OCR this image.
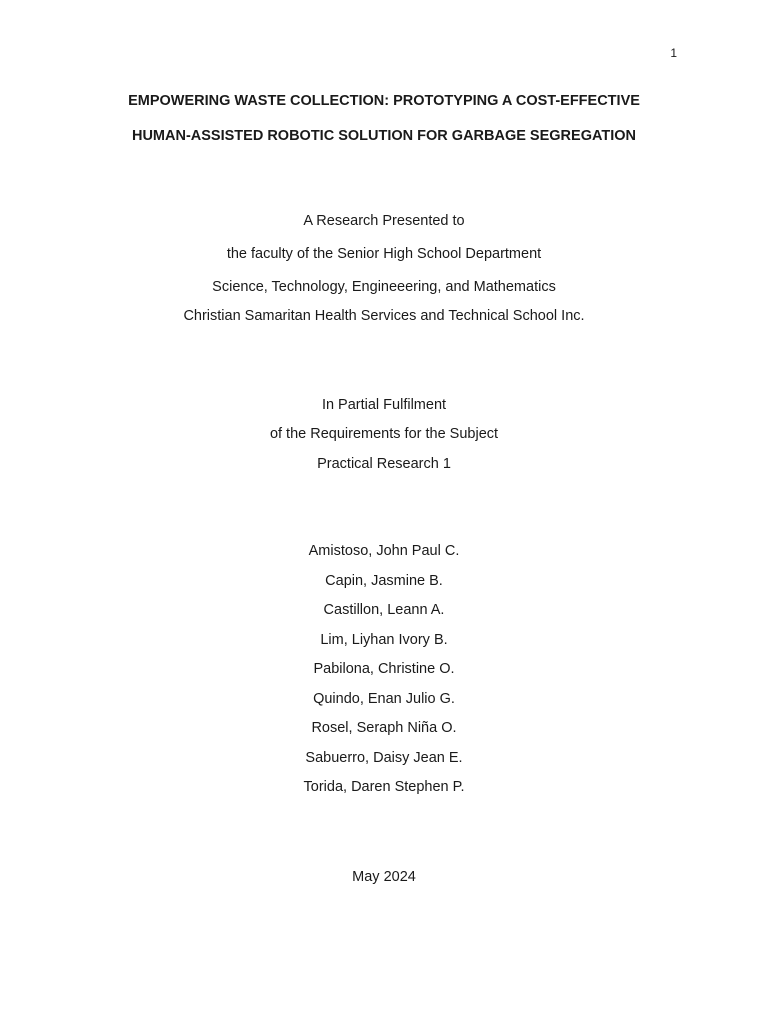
1
EMPOWERING WASTE COLLECTION: PROTOTYPING A COST-EFFECTIVE
HUMAN-ASSISTED ROBOTIC SOLUTION FOR GARBAGE SEGREGATION
A Research Presented to
the faculty of the Senior High School Department
Science, Technology, Engineeering, and Mathematics
Christian Samaritan Health Services and Technical School Inc.
In Partial Fulfilment
of the Requirements for the Subject
Practical Research 1
Amistoso, John Paul C.
Capin, Jasmine B.
Castillon, Leann A.
Lim, Liyhan Ivory B.
Pabilona, Christine O.
Quindo, Enan Julio G.
Rosel, Seraph Niña O.
Sabuerro, Daisy Jean E.
Torida, Daren Stephen P.
May 2024
